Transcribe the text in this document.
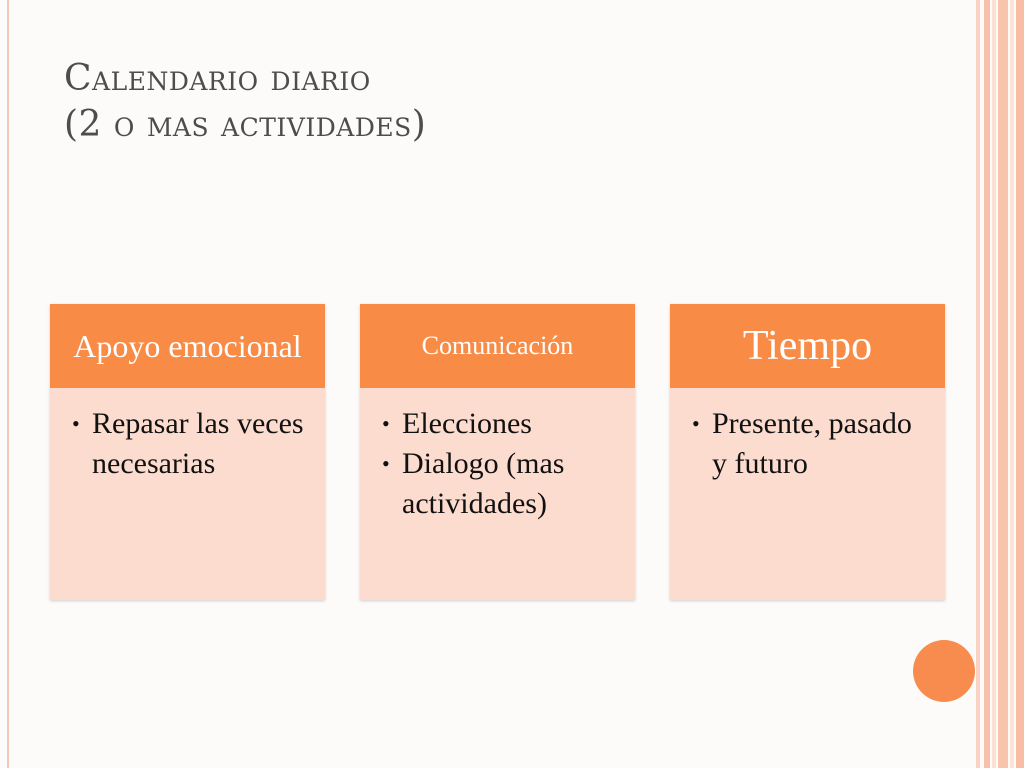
Calendario diario
(2 o mas actividades)
Apoyo emocional
• Repasar las veces necesarias
Comunicación
• Elecciones
• Dialogo (mas actividades)
Tiempo
• Presente, pasado y futuro
